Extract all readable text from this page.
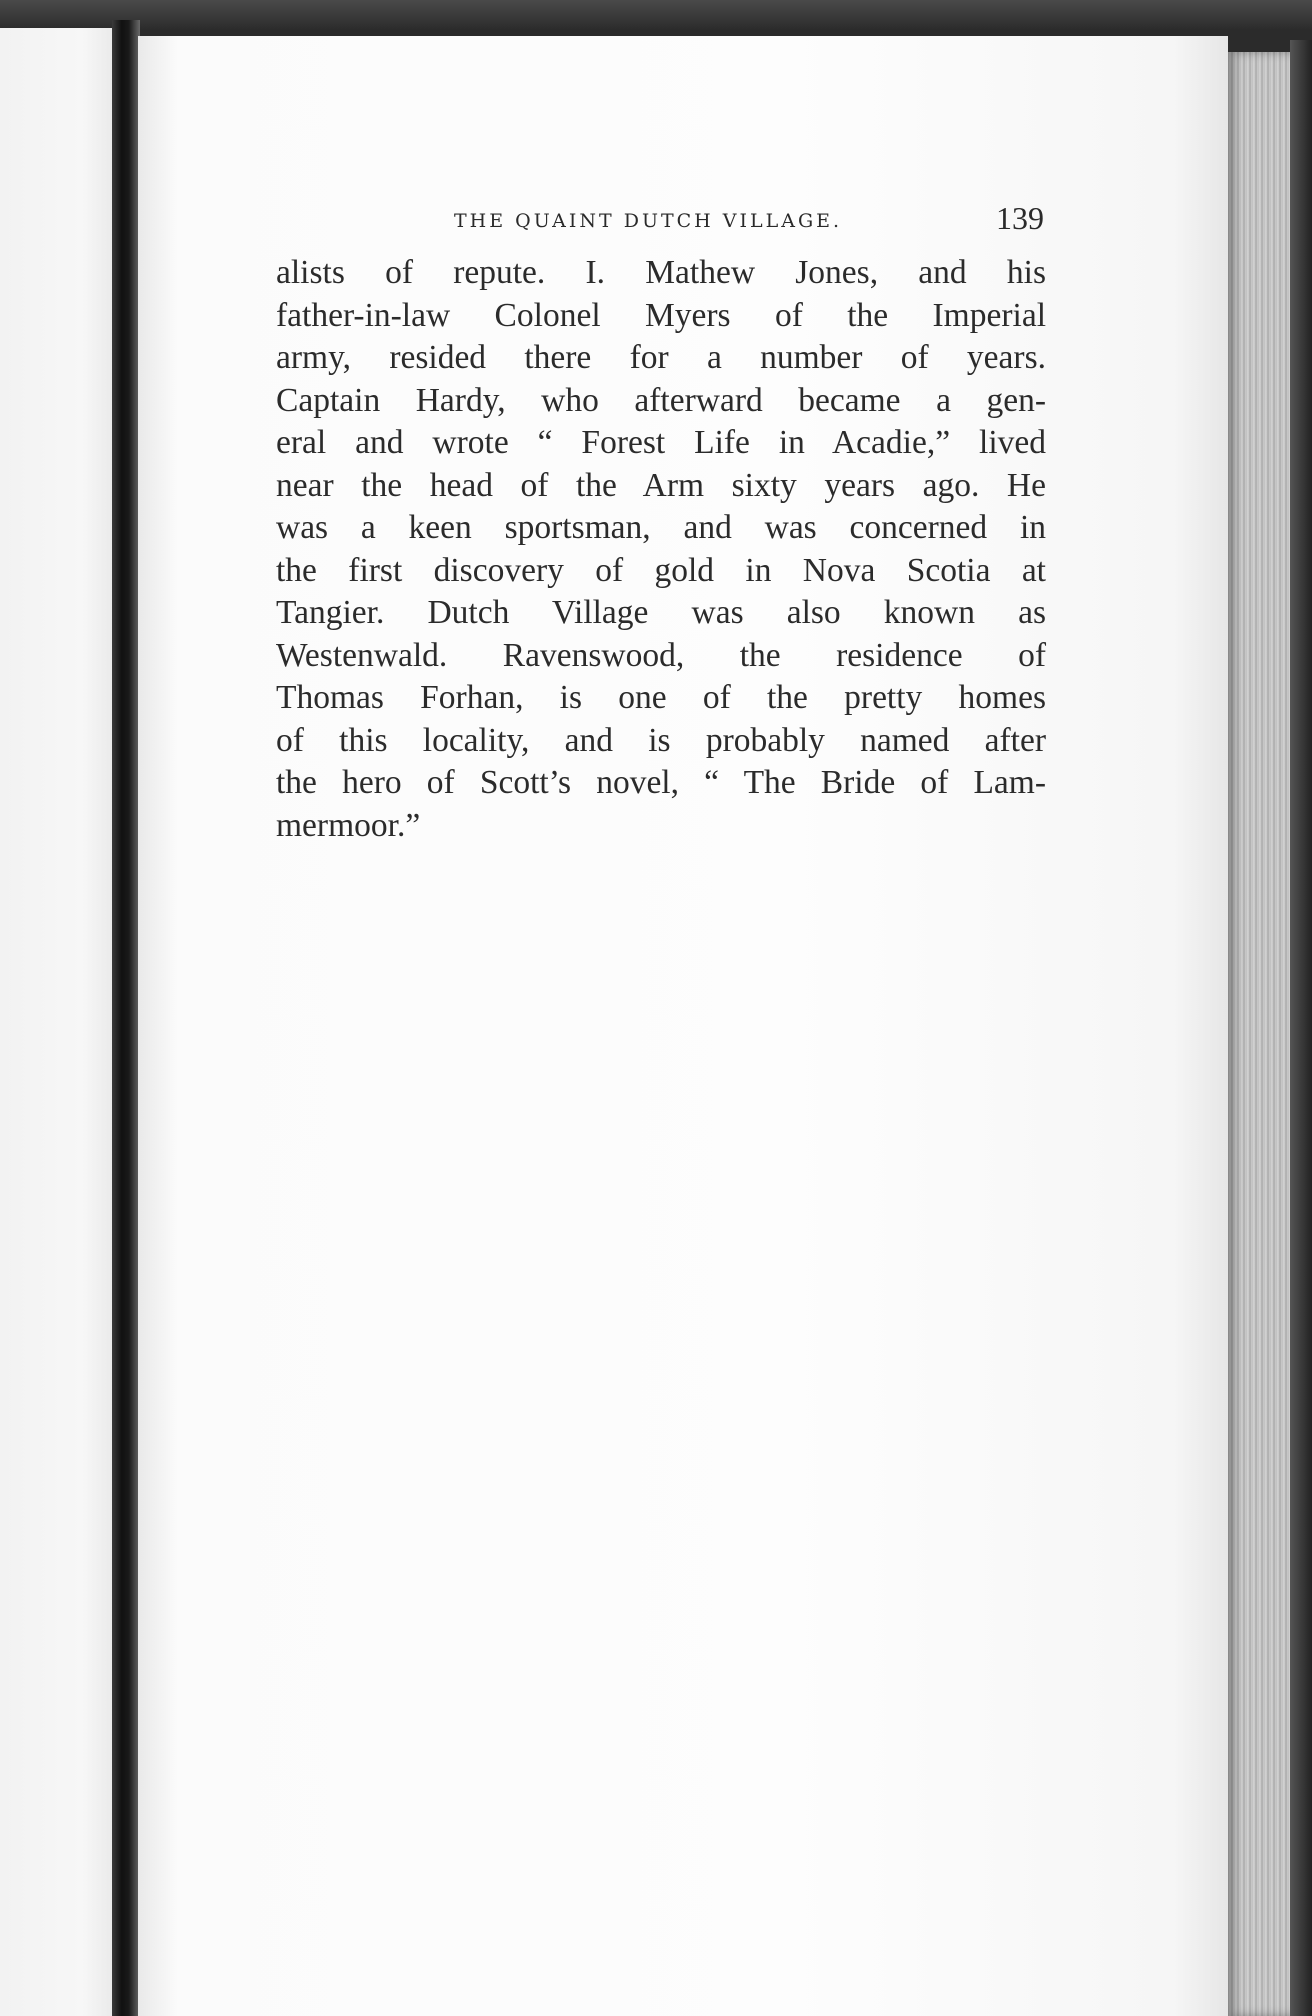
THE QUAINT DUTCH VILLAGE.	139
alists of repute. I. Mathew Jones, and his
father-in-law Colonel Myers of the Imperial
army, resided there for a number of years.
Captain Hardy, who afterward became a gen-
eral and wrote “ Forest Life in Acadie,” lived
near the head of the Arm sixty years ago. He
was a keen sportsman, and was concerned in
the first discovery of gold in Nova Scotia at
Tangier. Dutch Village was also known as
Westenwald. Ravenswood, the residence of
Thomas Forhan, is one of the pretty homes
of this locality, and is probably named after
the hero of Scott’s novel, “ The Bride of Lam-
mermoor.”
